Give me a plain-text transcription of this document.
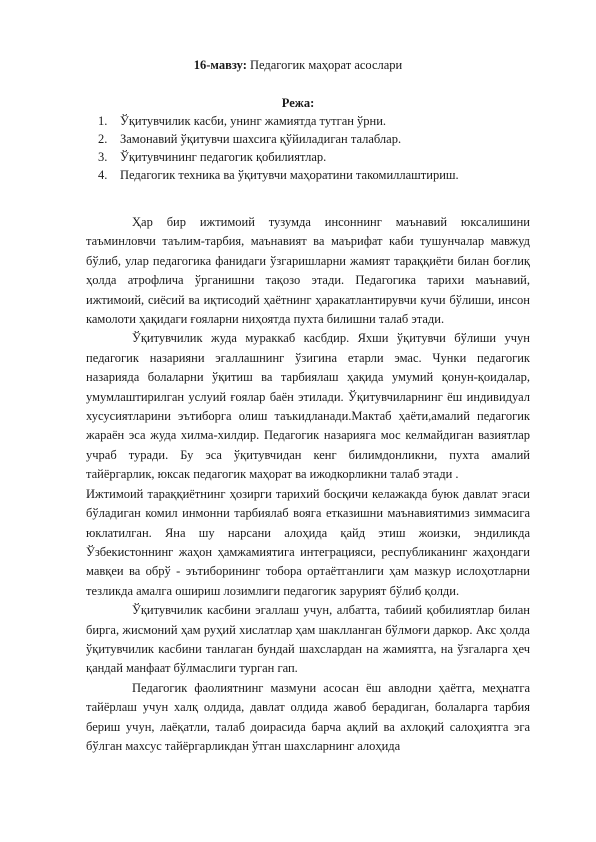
16-мавзу: Педагогик маҳорат асослари
Режа:
1.	Ўқитувчилик касби, унинг жамиятда тутган ўрни.
2.	Замонавий ўқитувчи шахсига қўйиладиган талаблар.
3.	Ўқитувчининг педагогик қобилиятлар.
4.	Педагогик техника ва ўқитувчи маҳоратини такомиллаштириш.

Ҳар бир ижтимоий тузумда инсоннинг маънавий юксалишини таъминловчи таълим-тарбия, маънавият ва маърифат каби тушунчалар мавжуд бўлиб, улар педагогика фанидаги ўзгаришларни жамият тараққиёти билан боғлиқ ҳолда атрофлича ўрганишни тақозо этади. Педагогика тарихи маънавий, ижтимоий, сиёсий ва иқтисодий ҳаётнинг ҳаракатлантирувчи кучи бўлиши, инсон камолоти ҳақидаги ғояларни ниҳоятда пухта билишни талаб этади.

Ўқитувчилик жуда мураккаб касбдир. Яхши ўқитувчи бўлиши учун педагогик назарияни эгаллашнинг ўзигина етарли эмас. Чунки педагогик назарияда болаларни ўқитиш ва тарбиялаш ҳақида умумий қонун-қоидалар, умумлаштирилган услуий ғоялар баён этилади. Ўқитувчиларнинг ёш индивидуал хусусиятларини эътиборга олиш таъкидланади.Мактаб ҳаёти,амалий педагогик жараён эса жуда хилма-хилдир. Педагогик назарияга мос келмайдиган вазиятлар учраб туради. Бу эса ўқитувчидан кенг билимдонликни, пухта амалий тайёргарлик, юксак педагогик маҳорат ва ижодкорликни талаб этади .

Ижтимоий тараққиётнинг ҳозирги тарихий босқичи келажакда буюк давлат эгаси бўладиган комил инмонни тарбиялаб вояга етказишни маънавиятимиз зиммасига юклатилган. Яна шу нарсани алоҳида қайд этиш жоизки, эндиликда Ўзбекистоннинг жаҳон ҳамжамиятига интеграцияси, республиканинг жаҳондаги мавқеи ва обрў - эътиборининг тобора ортаётганлиги ҳам мазкур ислоҳотларни тезликда амалга ошириш лозимлиги педагогик зарурият бўлиб қолди.

Ўқитувчилик касбини эгаллаш учун, албатта, табиий қобилиятлар билан бирга, жисмоний ҳам руҳий хислатлар ҳам шаклланган бўлмоғи даркор. Акс ҳолда ўқитувчилик касбини танлаган бундай шахслардан на жамиятга, на ўзгаларга ҳеч қандай манфаат бўлмаслиги турган гап.

Педагогик фаолиятнинг мазмуни асосан ёш авлодни ҳаётга, меҳнатга тайёрлаш учун халқ олдида, давлат олдида жавоб берадиган, болаларга тарбия бериш учун, лаёқатли, талаб доирасида барча ақлий ва ахлоқий салоҳиятга эга бўлган махсус тайёргарликдан ўтган шахсларнинг алоҳида
